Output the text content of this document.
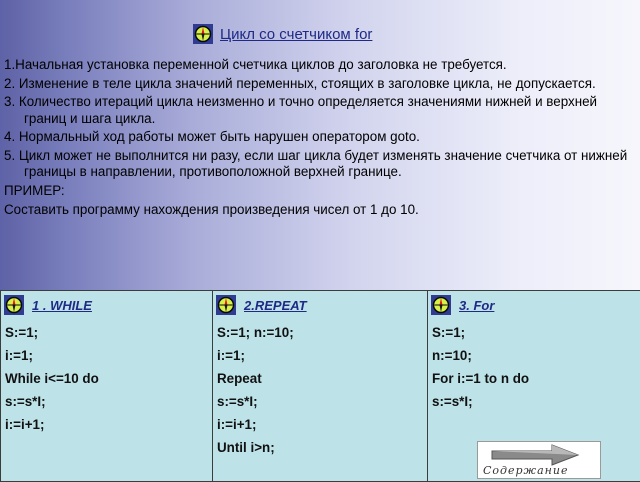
Цикл со счетчиком for
1.Начальная установка переменной счетчика циклов до заголовка не требуется.
2. Изменение в теле цикла значений переменных, стоящих в заголовке цикла, не допускается.
3. Количество итераций цикла неизменно и точно определяется значениями нижней и верхней границ и шага цикла.
4. Нормальный ход работы может быть нарушен оператором goto.
5. Цикл может не выполнится ни разу, если шаг цикла будет изменять значение счетчика от нижней границы в направлении, противоположной верхней границе.
ПРИМЕР:
Составить программу нахождения произведения чисел от 1 до 10.
1 . WHILE
S:=1;
i:=1;
While i<=10 do
s:=s*I;
i:=i+1;
2.REPEAT
S:=1; n:=10;
i:=1;
Repeat
s:=s*I;
i:=i+1;
Until i>n;
3. For
S:=1;
n:=10;
For i:=1 to n do
s:=s*I;
Содержание
